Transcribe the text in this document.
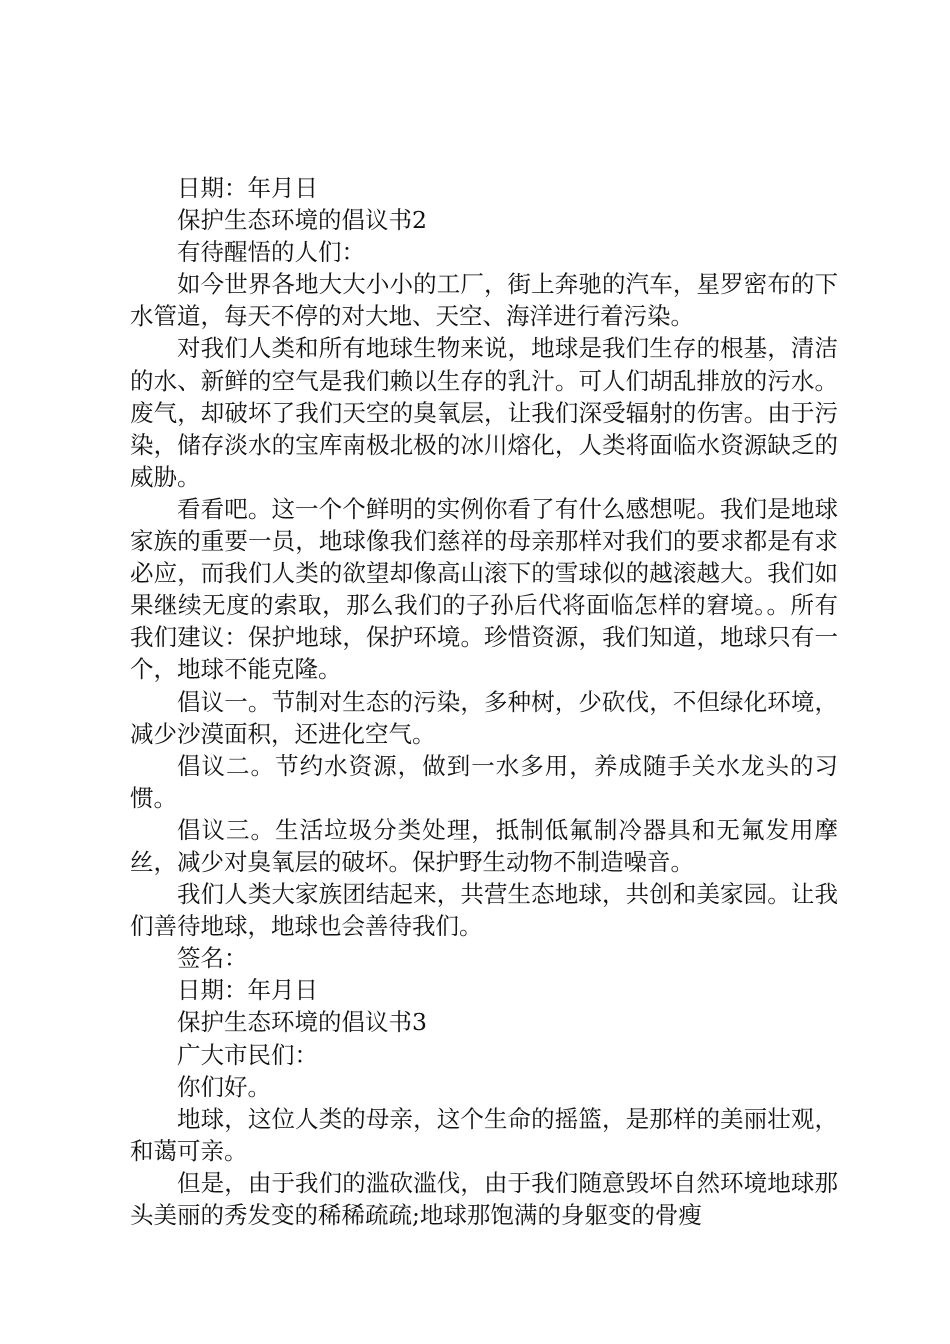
日期：年月日

保护生态环境的倡议书2

有待醒悟的人们：

如今世界各地大大小小的工厂，街上奔驰的汽车，星罗密布的下水管道，每天不停的对大地、天空、海洋进行着污染。

对我们人类和所有地球生物来说，地球是我们生存的根基，清洁的水、新鲜的空气是我们赖以生存的乳汁。可人们胡乱排放的污水。废气，却破坏了我们天空的臭氧层，让我们深受辐射的伤害。由于污染，储存淡水的宝库南极北极的冰川熔化，人类将面临水资源缺乏的威胁。

看看吧。这一个个鲜明的实例你看了有什么感想呢。我们是地球家族的重要一员，地球像我们慈祥的母亲那样对我们的要求都是有求必应，而我们人类的欲望却像高山滚下的雪球似的越滚越大。我们如果继续无度的索取，那么我们的子孙后代将面临怎样的窘境。。所有我们建议：保护地球，保护环境。珍惜资源，我们知道，地球只有一个，地球不能克隆。

倡议一。节制对生态的污染，多种树，少砍伐，不但绿化环境，减少沙漠面积，还进化空气。

倡议二。节约水资源，做到一水多用，养成随手关水龙头的习惯。

倡议三。生活垃圾分类处理，抵制低氟制冷器具和无氟发用摩丝，减少对臭氧层的破坏。保护野生动物不制造噪音。

我们人类大家族团结起来，共营生态地球，共创和美家园。让我们善待地球，地球也会善待我们。

签名：

日期：年月日

保护生态环境的倡议书3

广大市民们：

你们好。

地球，这位人类的母亲，这个生命的摇篮，是那样的美丽壮观，和蔼可亲。

但是，由于我们的滥砍滥伐，由于我们随意毁坏自然环境地球那头美丽的秀发变的稀稀疏疏;地球那饱满的身躯变的骨瘦
